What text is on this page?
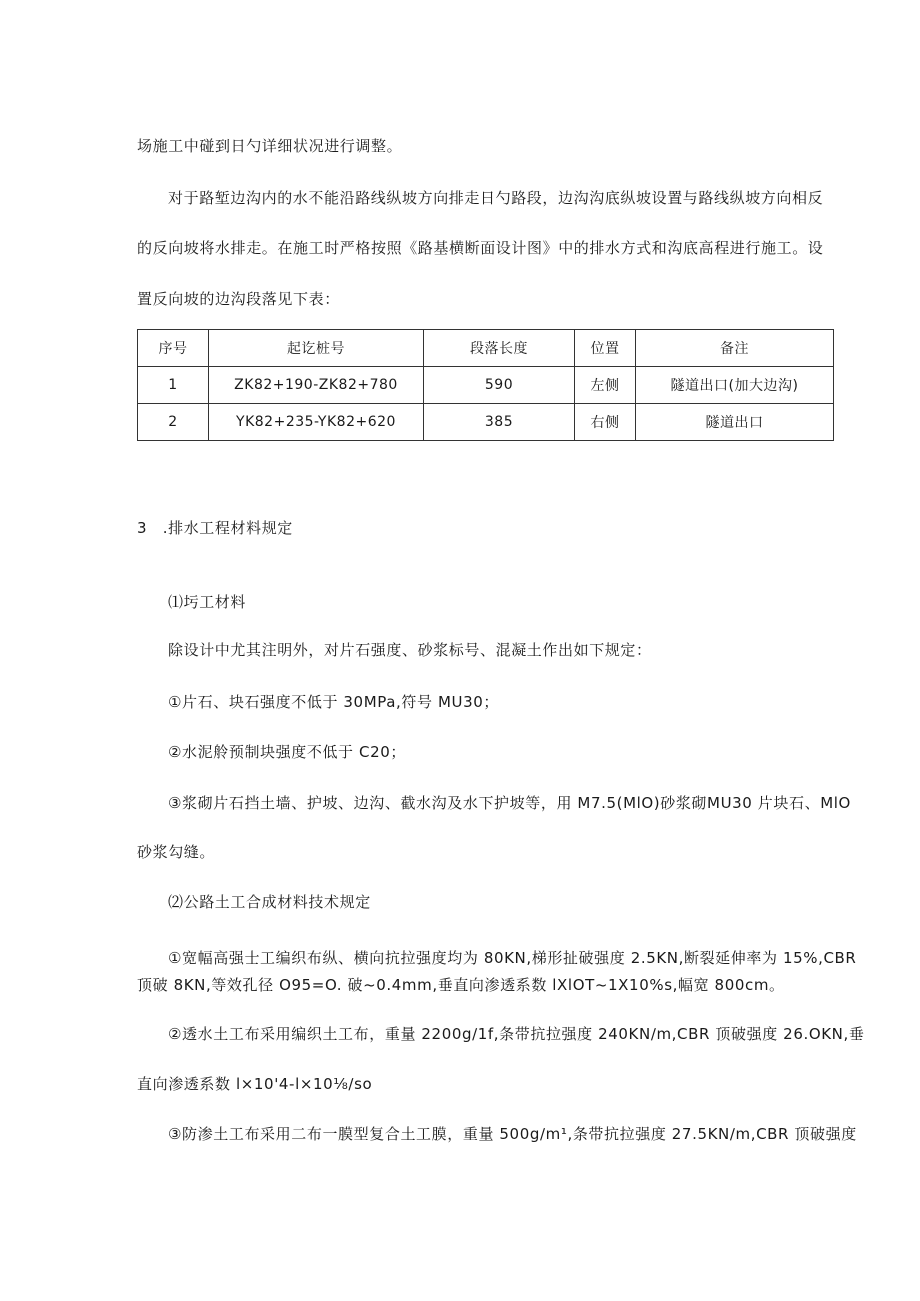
场施工中碰到日勺详细状况进行调整。
对于路堑边沟内的水不能沿路线纵坡方向排走日勺路段，边沟沟底纵坡设置与路线纵坡方向相反
的反向坡将水排走。在施工时严格按照《路基横断面设计图》中的排水方式和沟底高程进行施工。设
置反向坡的边沟段落见下表：
序号	起讫桩号	段落长度	位置	备注
1	ZK82+190-ZK82+780	590	左侧	隧道出口(加大边沟)
2	YK82+235-YK82+620	385	右侧	隧道出口
3 .排水工程材料规定
⑴圬工材料
除设计中尤其注明外，对片石强度、砂浆标号、混凝土作出如下规定：
①片石、块石强度不低于 30MPa,符号 MU30；
②水泥舲预制块强度不低于 C20；
③浆砌片石挡土墙、护坡、边沟、截水沟及水下护坡等，用 M7.5(MlO)砂浆砌MU30 片块石、MlO
砂浆勾缝。
⑵公路土工合成材料技术规定
①宽幅高强士工编织布纵、横向抗拉强度均为 80KN,梯形扯破强度 2.5KN,断裂延伸率为 15%,CBR
顶破 8KN,等效孔径 O95=O. 破~0.4mm,垂直向渗透系数 lXlOT~1X10%s,幅宽 800cm。
②透水土工布采用编织土工布，重量 2200g∕1f,条带抗拉强度 240KN∕m,CBR 顶破强度 26.OKN,垂
直向渗透系数 l×10'4-l×10⅛∕so
③防渗土工布采用二布一膜型复合土工膜，重量 500g∕m¹,条带抗拉强度 27.5KN∕m,CBR 顶破强度
